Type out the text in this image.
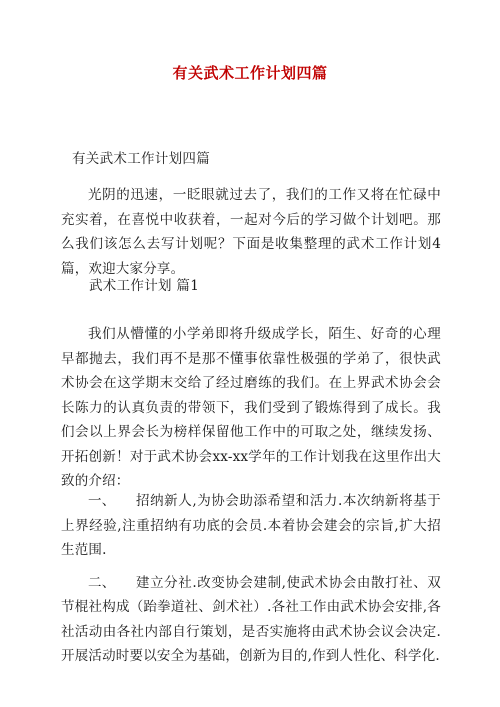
有关武术工作计划四篇
有关武术工作计划四篇

光阴的迅速，一眨眼就过去了，我们的工作又将在忙碌中充实着，在喜悦中收获着，一起对今后的学习做个计划吧。那么我们该怎么去写计划呢？下面是收集整理的武术工作计划4篇，欢迎大家分享。

武术工作计划 篇1

我们从懵懂的小学弟即将升级成学长，陌生、好奇的心理早都抛去，我们再不是那不懂事依靠性极强的学弟了，很快武术协会在这学期末交给了经过磨练的我们。在上界武术协会会长陈力的认真负责的带领下，我们受到了锻炼得到了成长。我们会以上界会长为榜样保留他工作中的可取之处，继续发扬、开拓创新！对于武术协会xx-xx学年的工作计划我在这里作出大致的介绍：

一、 招纳新人,为协会助添希望和活力.本次纳新将基于上界经验,注重招纳有功底的会员.本着协会建会的宗旨,扩大招生范围.

二、 建立分社.改变协会建制,使武术协会由散打社、双节棍社构成（跆拳道社、剑术社）.各社工作由武术协会安排,各社活动由各社内部自行策划，是否实施将由武术协会议会决定.开展活动时要以安全为基础，创新为目的,作到人性化、科学化.
